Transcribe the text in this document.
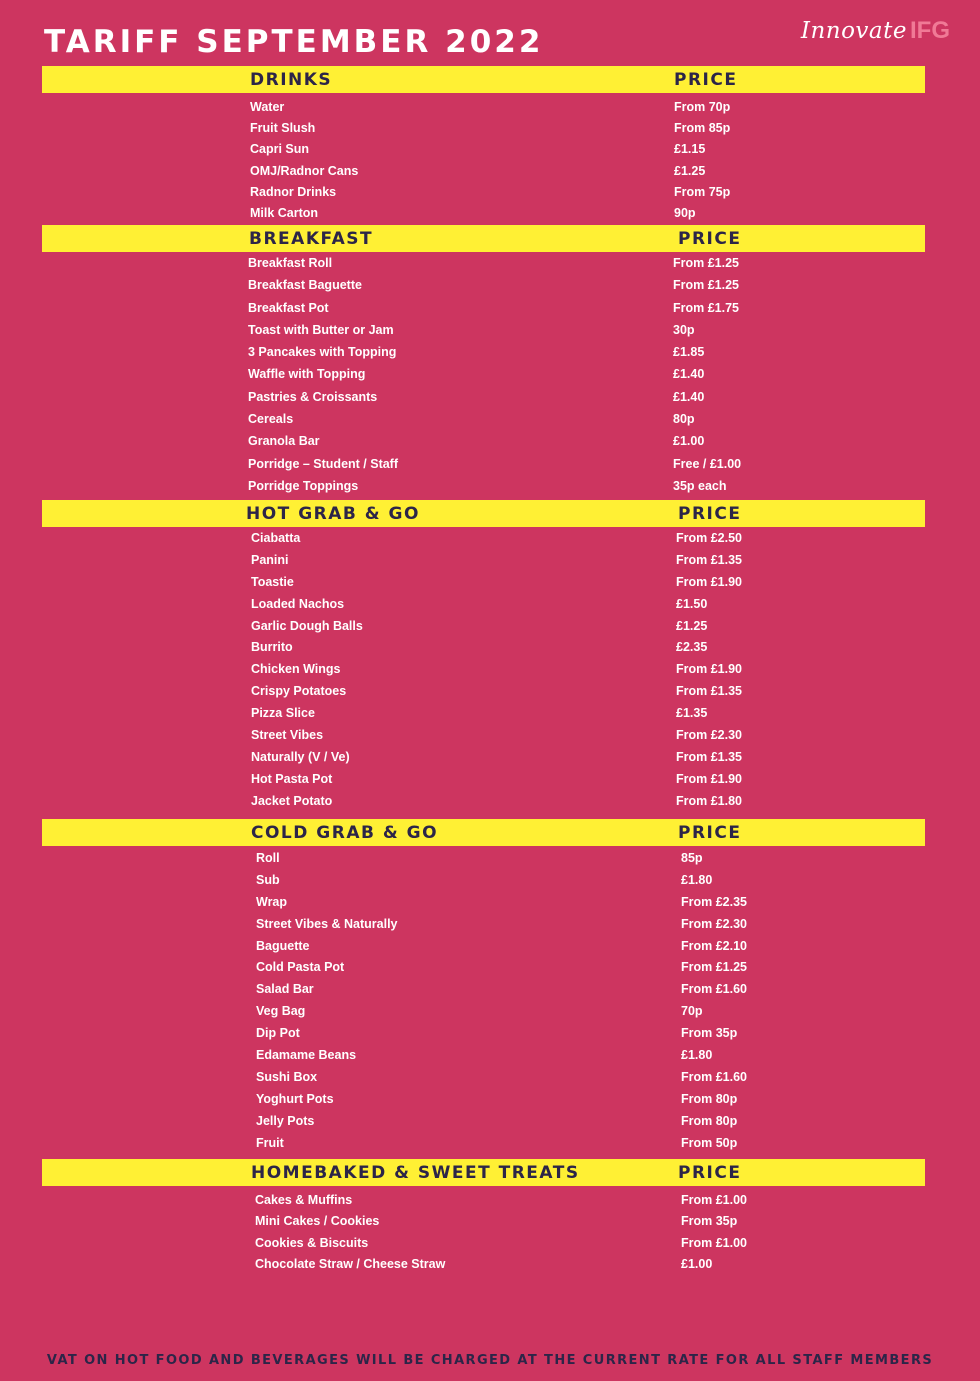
TARIFF SEPTEMBER 2022	Innovate IFG
DRINKS	PRICE
Water	From 70p
Fruit Slush	From 85p
Capri Sun	£1.15
OMJ/Radnor Cans	£1.25
Radnor Drinks	From 75p
Milk Carton	90p
BREAKFAST	PRICE
Breakfast Roll	From £1.25
Breakfast Baguette	From £1.25
Breakfast Pot	From £1.75
Toast with Butter or Jam	30p
3 Pancakes with Topping	£1.85
Waffle with Topping	£1.40
Pastries & Croissants	£1.40
Cereals	80p
Granola Bar	£1.00
Porridge – Student / Staff	Free / £1.00
Porridge Toppings	35p each
HOT GRAB & GO	PRICE
Ciabatta	From £2.50
Panini	From £1.35
Toastie	From £1.90
Loaded Nachos	£1.50
Garlic Dough Balls	£1.25
Burrito	£2.35
Chicken Wings	From £1.90
Crispy Potatoes	From £1.35
Pizza Slice	£1.35
Street Vibes	From £2.30
Naturally (V / Ve)	From £1.35
Hot Pasta Pot	From £1.90
Jacket Potato	From £1.80
COLD GRAB & GO	PRICE
Roll	85p
Sub	£1.80
Wrap	From £2.35
Street Vibes & Naturally	From £2.30
Baguette	From £2.10
Cold Pasta Pot	From £1.25
Salad Bar	From £1.60
Veg Bag	70p
Dip Pot	From 35p
Edamame Beans	£1.80
Sushi Box	From £1.60
Yoghurt Pots	From 80p
Jelly Pots	From 80p
Fruit	From 50p
HOMEBAKED & SWEET TREATS	PRICE
Cakes & Muffins	From £1.00
Mini Cakes / Cookies	From 35p
Cookies & Biscuits	From £1.00
Chocolate Straw / Cheese Straw	£1.00
VAT ON HOT FOOD AND BEVERAGES WILL BE CHARGED AT THE CURRENT RATE FOR ALL STAFF MEMBERS
